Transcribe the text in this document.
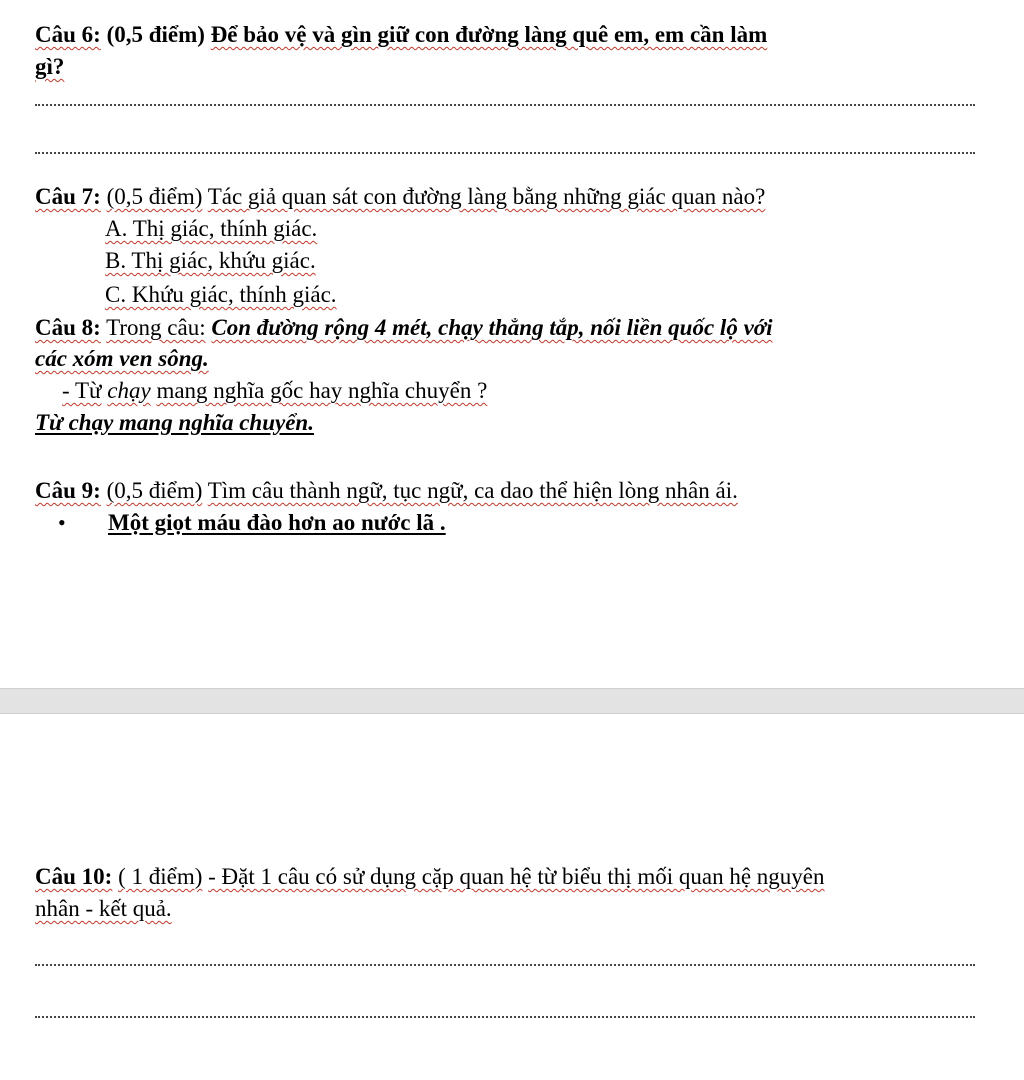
Câu 6: (0,5 điểm) Để bảo vệ và gìn giữ con đường làng quê em, em cần làm
gì?
Câu 7: (0,5 điểm) Tác giả quan sát con đường làng bằng những giác quan nào?
A. Thị giác, thính giác.
B. Thị giác, khứu giác.
C. Khứu giác, thính giác.
Câu 8: Trong câu: Con đường rộng 4 mét, chạy thẳng tắp, nối liền quốc lộ với
các xóm ven sông.
- Từ chạy mang nghĩa gốc hay nghĩa chuyển ?
Từ chạy mang nghĩa chuyển.
Câu 9: (0,5 điểm) Tìm câu thành ngữ, tục ngữ, ca dao thể hiện lòng nhân ái.
• Một giọt máu đào hơn ao nước lã .
Câu 10: ( 1 điểm) - Đặt 1 câu có sử dụng cặp quan hệ từ biểu thị mối quan hệ nguyên
nhân - kết quả.
